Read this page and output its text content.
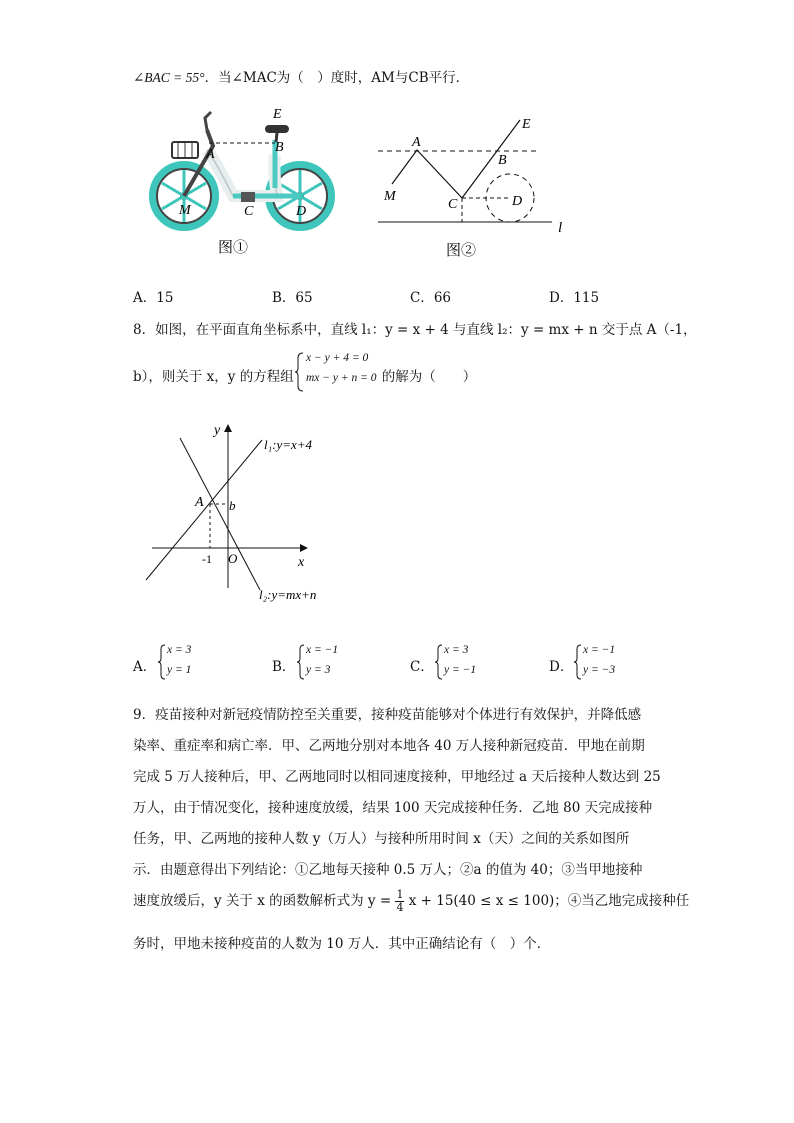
∠BAC = 55°．当∠MAC为（　）度时，AM与CB平行．
E
A	B
M	C	D
图①
A
E
B
M
C	D
l
图②
A．15	B．65	C．66	D．115
8．如图，在平面直角坐标系中，直线 l₁：y = x + 4 与直线 l₂：y = mx + n 交于点 A（-1，
b），则关于 x，y 的方程组	的解为（　　）
x − y + 4 = 0
mx − y + n = 0
y
x
O
-1
A b
l₁:y=x+4
l₂:y=mx+n
A．
x = 3
y = 1	B．
x = −1
y = 3	C．
x = 3
y = −1	D．
x = −1
y = −3
9．疫苗接种对新冠疫情防控至关重要，接种疫苗能够对个体进行有效保护，并降低感
染率、重症率和病亡率．甲、乙两地分别对本地各 40 万人接种新冠疫苗．甲地在前期
完成 5 万人接种后，甲、乙两地同时以相同速度接种，甲地经过 a 天后接种人数达到 25
万人，由于情况变化，接种速度放缓，结果 100 天完成接种任务．乙地 80 天完成接种
任务，甲、乙两地的接种人数 y（万人）与接种所用时间 x（天）之间的关系如图所
示．由题意得出下列结论：①乙地每天接种 0.5 万人；②a 的值为 40；③当甲地接种
速度放缓后，y 关于 x 的函数解析式为 $y = \frac{1}{4}$ x + 15(40 ≤ x ≤ 100)；④当乙地完成接种任
务时，甲地未接种疫苗的人数为 10 万人．其中正确结论有（　）个．
